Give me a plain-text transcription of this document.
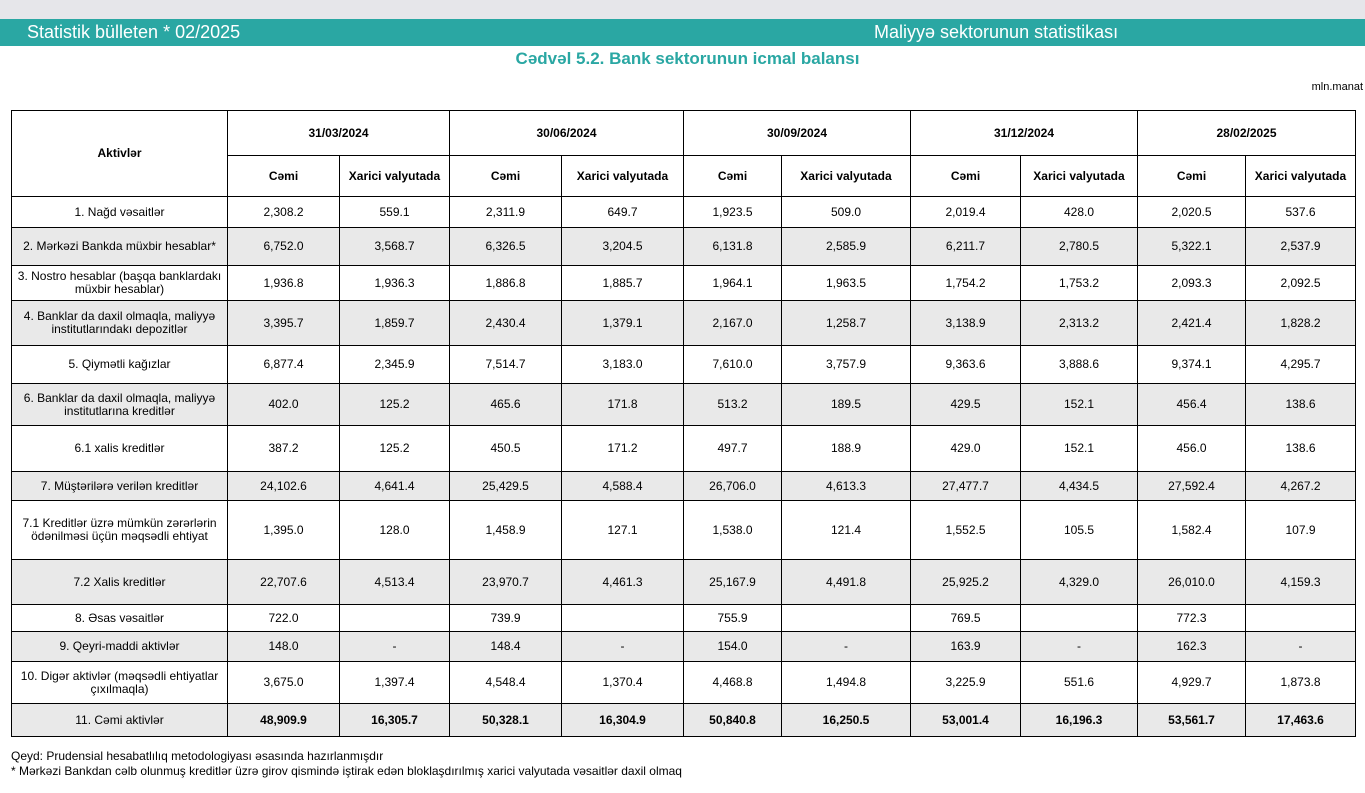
Statistik bülleten * 02/2025	Maliyyə sektorunun statistikası
Cədvəl 5.2. Bank sektorunun icmal balansı
mln.manat
Aktivlər	31/03/2024		30/06/2024		30/09/2024		31/12/2024		28/02/2025	
	Cəmi	Xarici valyutada	Cəmi	Xarici valyutada	Cəmi	Xarici valyutada	Cəmi	Xarici valyutada	Cəmi	Xarici valyutada
1. Nağd vəsaitlər	2,308.2	559.1	2,311.9	649.7	1,923.5	509.0	2,019.4	428.0	2,020.5	537.6
2. Mərkəzi Bankda müxbir hesablar*	6,752.0	3,568.7	6,326.5	3,204.5	6,131.8	2,585.9	6,211.7	2,780.5	5,322.1	2,537.9
3. Nostro hesablar (başqa banklardakı müxbir hesablar)	1,936.8	1,936.3	1,886.8	1,885.7	1,964.1	1,963.5	1,754.2	1,753.2	2,093.3	2,092.5
4. Banklar da daxil olmaqla, maliyyə institutlarındakı depozitlər	3,395.7	1,859.7	2,430.4	1,379.1	2,167.0	1,258.7	3,138.9	2,313.2	2,421.4	1,828.2
5. Qiymətli kağızlar	6,877.4	2,345.9	7,514.7	3,183.0	7,610.0	3,757.9	9,363.6	3,888.6	9,374.1	4,295.7
6. Banklar da daxil olmaqla, maliyyə institutlarına kreditlər	402.0	125.2	465.6	171.8	513.2	189.5	429.5	152.1	456.4	138.6
6.1 xalis kreditlər	387.2	125.2	450.5	171.2	497.7	188.9	429.0	152.1	456.0	138.6
7. Müştərilərə verilən kreditlər	24,102.6	4,641.4	25,429.5	4,588.4	26,706.0	4,613.3	27,477.7	4,434.5	27,592.4	4,267.2
7.1 Kreditlər üzrə mümkün zərərlərin ödənilməsi üçün məqsədli ehtiyat	1,395.0	128.0	1,458.9	127.1	1,538.0	121.4	1,552.5	105.5	1,582.4	107.9
7.2 Xalis kreditlər	22,707.6	4,513.4	23,970.7	4,461.3	25,167.9	4,491.8	25,925.2	4,329.0	26,010.0	4,159.3
8. Əsas vəsaitlər	722.0		739.9		755.9		769.5		772.3	
9. Qeyri-maddi aktivlər	148.0	-	148.4	-	154.0	-	163.9	-	162.3	-
10. Digər aktivlər (məqsədli ehtiyatlar çıxılmaqla)	3,675.0	1,397.4	4,548.4	1,370.4	4,468.8	1,494.8	3,225.9	551.6	4,929.7	1,873.8
11. Cəmi aktivlər	48,909.9	16,305.7	50,328.1	16,304.9	50,840.8	16,250.5	53,001.4	16,196.3	53,561.7	17,463.6
Qeyd: Prudensial hesabatlılıq metodologiyası əsasında hazırlanmışdır
* Mərkəzi Bankdan cəlb olunmuş kreditlər üzrə girov qismində iştirak edən bloklaşdırılmış xarici valyutada vəsaitlər daxil olmaq
